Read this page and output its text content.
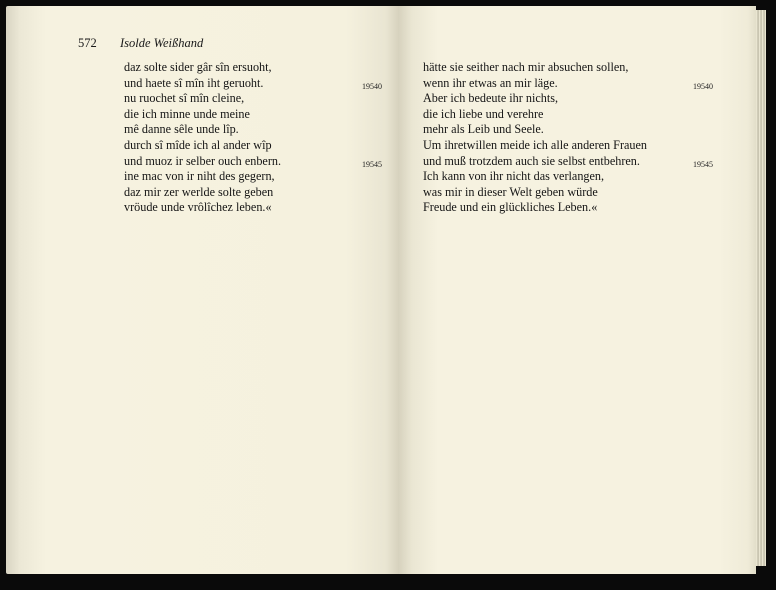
572 Isolde Weißhand
daz solte sider gâr sîn ersuoht,
und haete sî mîn iht geruoht.	19540
nu ruochet sî mîn cleine,
die ich minne unde meine
mê danne sêle unde lîp.
durch sî mîde ich al ander wîp
und muoz ir selber ouch enbern.	19545
ine mac von ir niht des gegern,
daz mir zer werlde solte geben
vröude unde vrôlîchez leben.«
hätte sie seither nach mir absuchen sollen,
wenn ihr etwas an mir läge.	19540
Aber ich bedeute ihr nichts,
die ich liebe und verehre
mehr als Leib und Seele.
Um ihretwillen meide ich alle anderen Frauen
und muß trotzdem auch sie selbst entbehren.	19545
Ich kann von ihr nicht das verlangen,
was mir in dieser Welt geben würde
Freude und ein glückliches Leben.«
